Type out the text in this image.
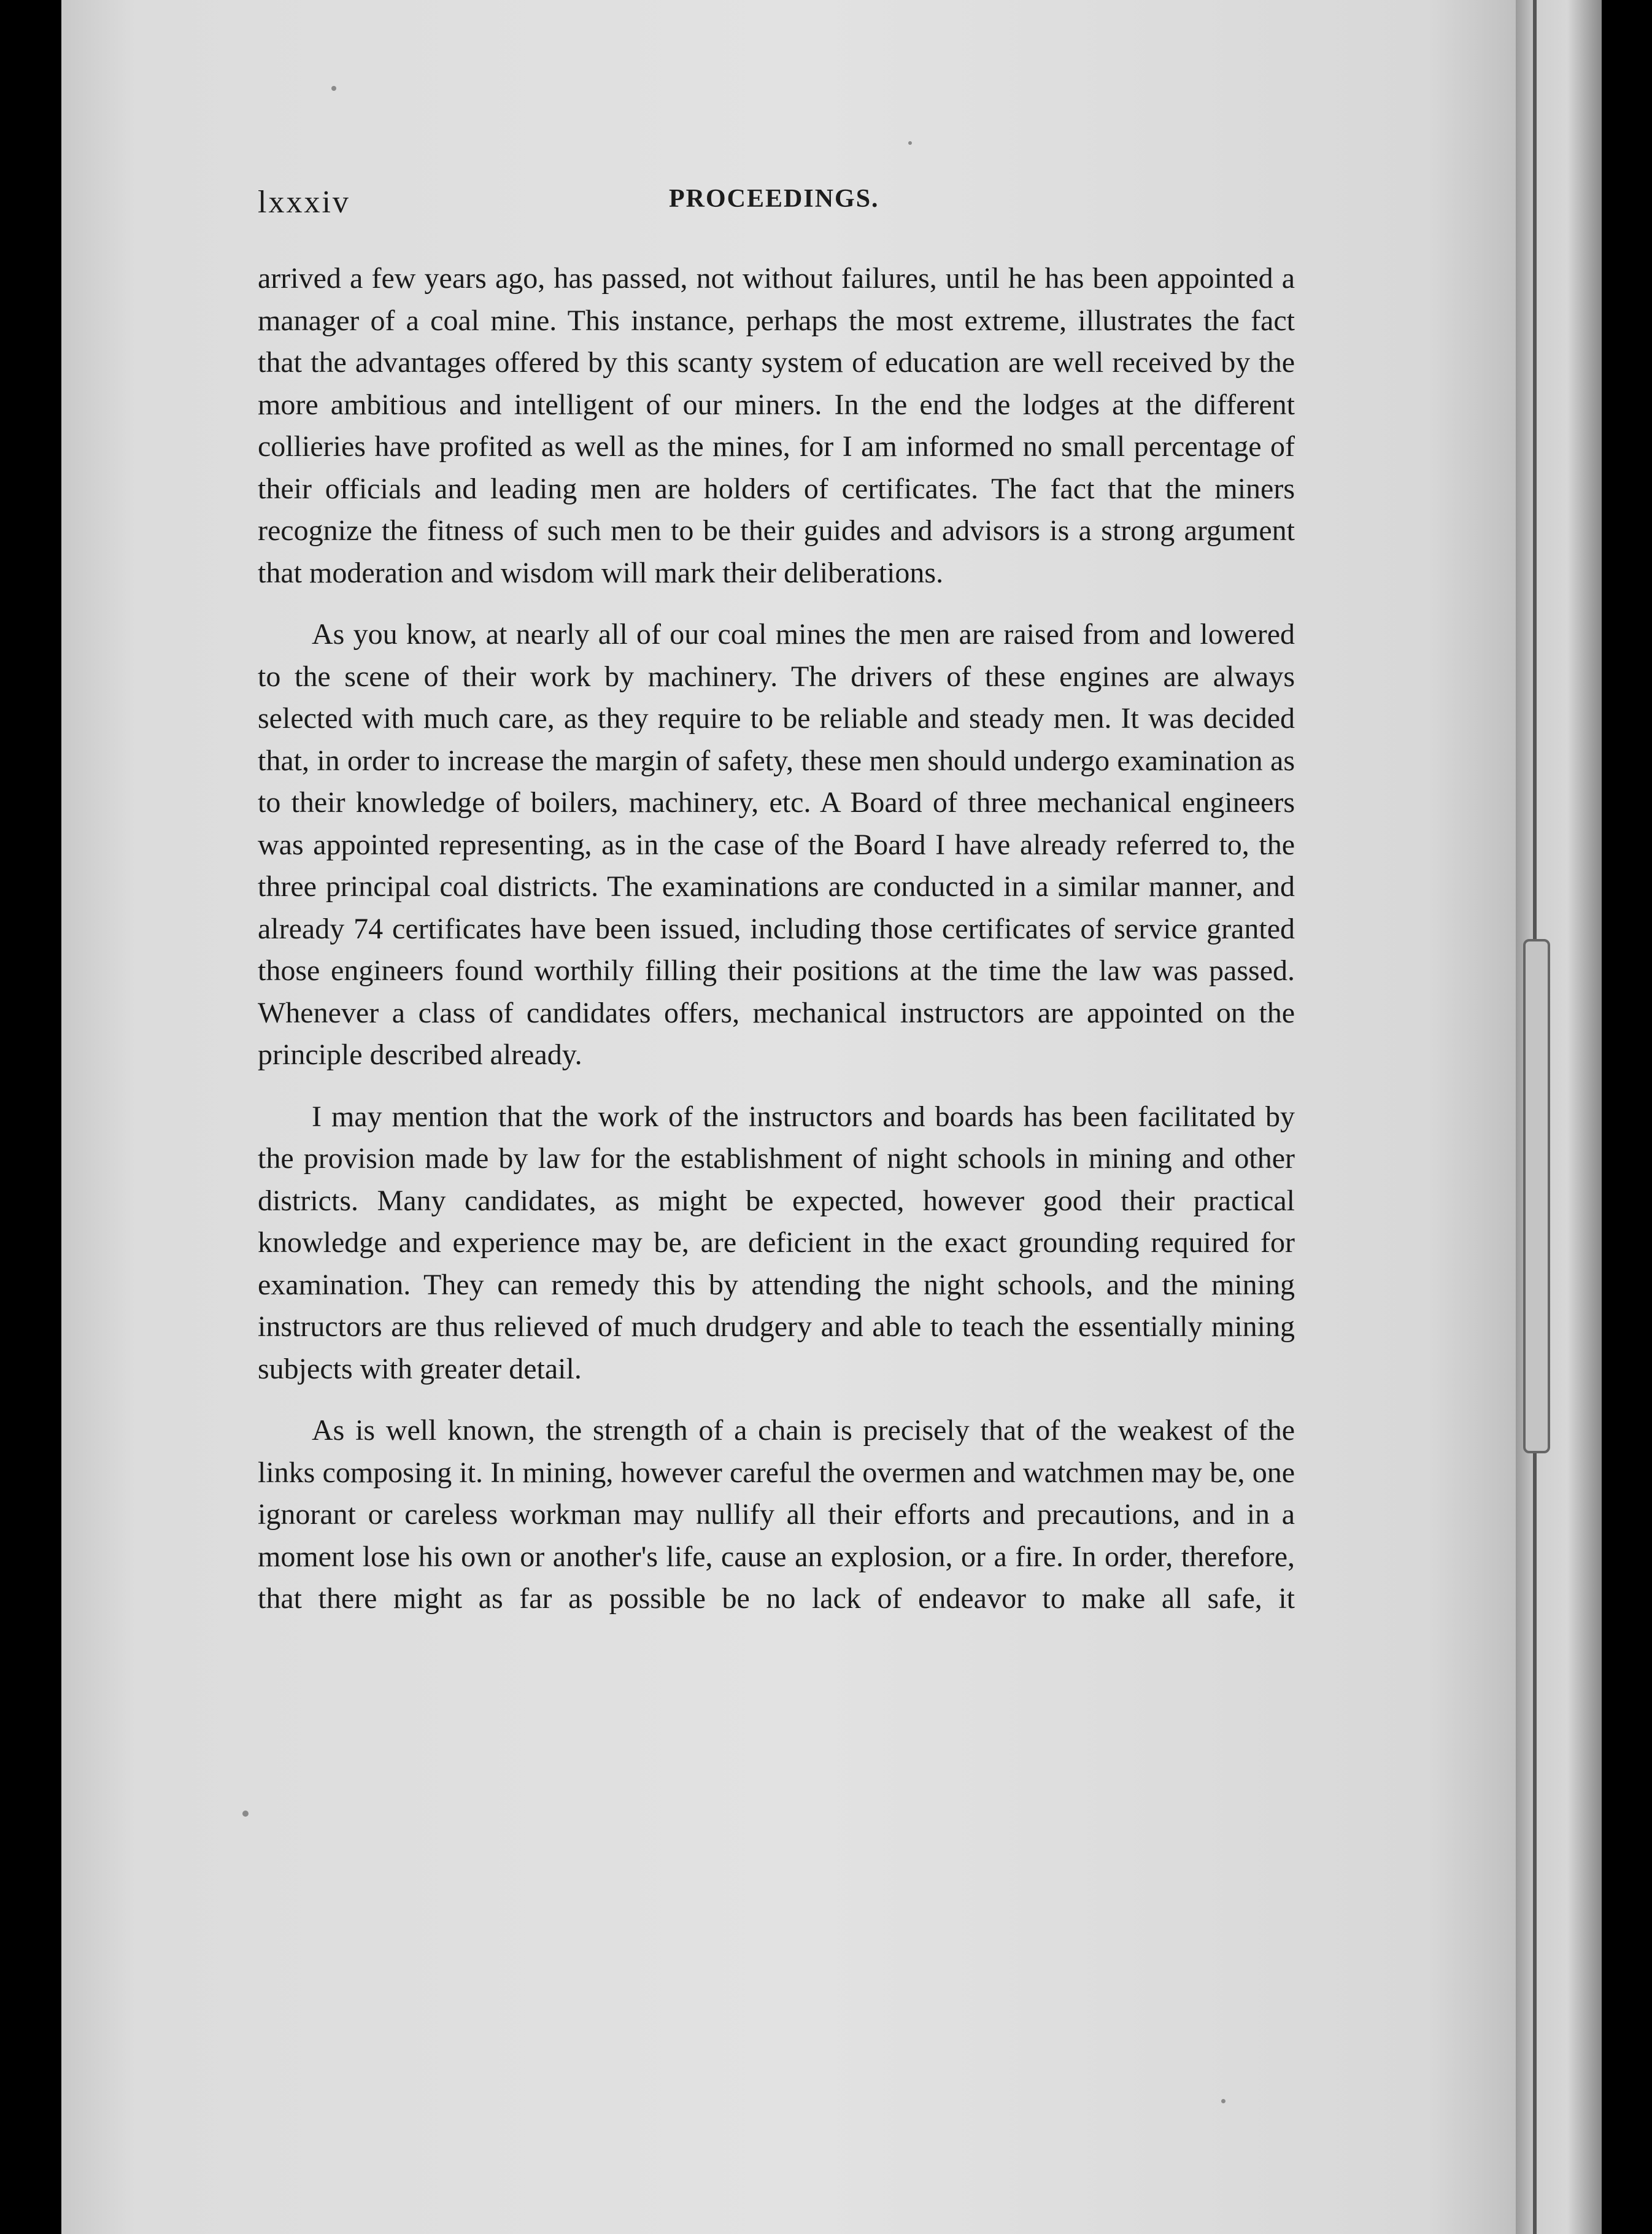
lxxxiv	PROCEEDINGS.

arrived a few years ago, has passed, not without failures, until he has been appointed a manager of a coal mine. This instance, perhaps the most extreme, illustrates the fact that the advantages offered by this scanty system of education are well received by the more ambitious and intelligent of our miners. In the end the lodges at the different collieries have profited as well as the mines, for I am informed no small percentage of their officials and leading men are holders of certificates. The fact that the miners recognize the fitness of such men to be their guides and advisors is a strong argument that moderation and wisdom will mark their deliberations.

As you know, at nearly all of our coal mines the men are raised from and lowered to the scene of their work by machinery. The drivers of these engines are always selected with much care, as they require to be reliable and steady men. It was decided that, in order to increase the margin of safety, these men should undergo examination as to their knowledge of boilers, machinery, etc. A Board of three mechanical engineers was appointed representing, as in the case of the Board I have already referred to, the three principal coal districts. The examinations are conducted in a similar manner, and already 74 certificates have been issued, including those certificates of service granted those engineers found worthily filling their positions at the time the law was passed. Whenever a class of candidates offers, mechanical instructors are appointed on the principle described already.

I may mention that the work of the instructors and boards has been facilitated by the provision made by law for the establishment of night schools in mining and other districts. Many candidates, as might be expected, however good their practical knowledge and experience may be, are deficient in the exact grounding required for examination. They can remedy this by attending the night schools, and the mining instructors are thus relieved of much drudgery and able to teach the essentially mining subjects with greater detail.

As is well known, the strength of a chain is precisely that of the weakest of the links composing it. In mining, however careful the overmen and watchmen may be, one ignorant or careless workman may nullify all their efforts and precautions, and in a moment lose his own or another's life, cause an explosion, or a fire. In order, therefore, that there might as far as possible be no lack of endeavor to make all safe, it
